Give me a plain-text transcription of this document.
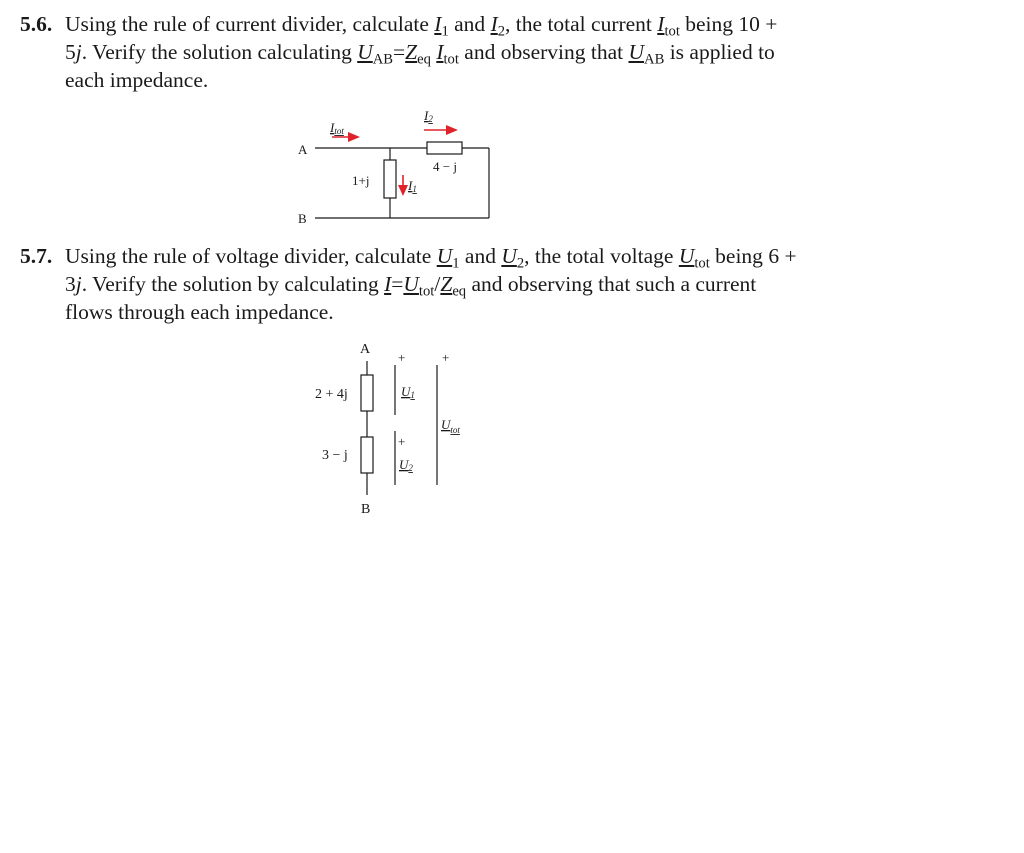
5.6. Using the rule of current divider, calculate $I_1$ and $I_2$, the total current $I_{tot}$ being 10 + 5j. Verify the solution calculating $U_{AB}=Z_{eq}$ $I_{tot}$ and observing that $U_{AB}$ is applied to each impedance.
A
B
Itot
I2
I1
1+j
4 − j
5.7. Using the rule of voltage divider, calculate $U_1$ and $U_2$, the total voltage $U_{tot}$ being 6 + 3j. Verify the solution by calculating $I=U_{tot}/Z_{eq}$ and observing that such a current flows through each impedance.
A
B
2 + 4j
3 − j
+	+
+
U1
U2
$U_{tot}$
